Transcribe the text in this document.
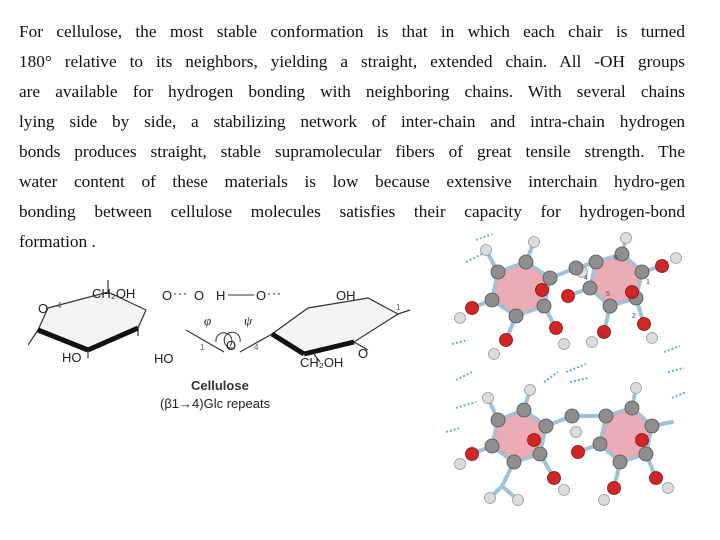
For cellulose, the most stable conformation is that in which each chair is turned
180° relative to its neighbors, yielding a straight, extended chain. All -OH groups
are available for hydrogen bonding with neighboring chains. With several chains
lying side by side, a stabilizing network of inter-chain and intra-chain hydrogen
bonds produces straight, stable supramolecular fibers of great tensile strength. The
water content of these materials is low because extensive interchain hydro-gen
bonding between cellulose molecules satisfies their capacity for hydrogen-bond
formation .
CH₂OH O
O 4
HO	HO
O H O
φ	ψ
1 O 4
OH
CH₂OH
O
1
Cellulose
(β1→4)Glc repeats
6
4
5
1
2
3
